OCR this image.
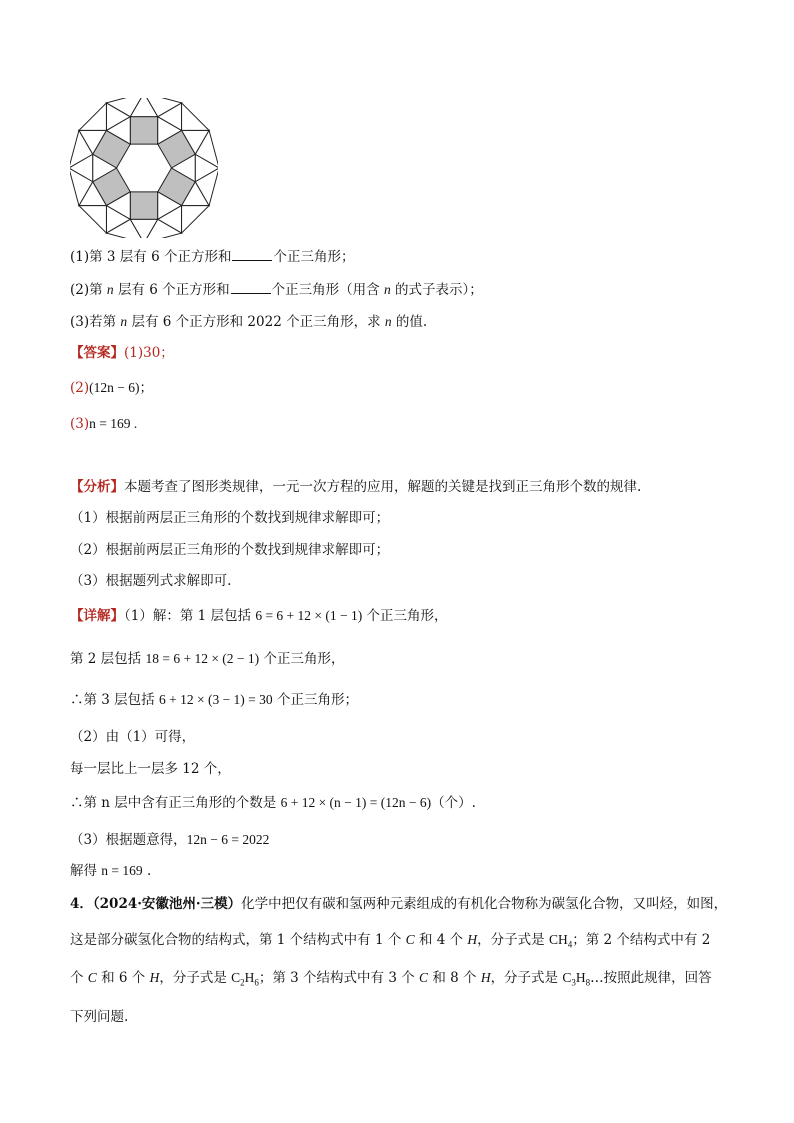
(1)第 3 层有 6 个正方形和	个正三角形；
(2)第 n 层有 6 个正方形和	个正三角形（用含 n 的式子表示）；
(3)若第 n 层有 6 个正方形和 2022 个正三角形，求 n 的值.
【答案】(1)30；
(2)(12n − 6)；
(3)n = 169 .
【分析】本题考查了图形类规律，一元一次方程的应用，解题的关键是找到正三角形个数的规律.
（1）根据前两层正三角形的个数找到规律求解即可；
（2）根据前两层正三角形的个数找到规律求解即可；
（3）根据题列式求解即可.
【详解】（1）解：第 1 层包括 6 = 6 + 12 × (1 − 1) 个正三角形，
第 2 层包括 18 = 6 + 12 × (2 − 1) 个正三角形，
∴第 3 层包括 6 + 12 × (3 − 1) = 30 个正三角形；
（2）由（1）可得，
每一层比上一层多 12 个，
∴第 n 层中含有正三角形的个数是 6 + 12 × (n − 1) = (12n − 6)（个）.
（3）根据题意得，12n − 6 = 2022
解得 n = 169 .
4．（2024·安徽池州·三模）化学中把仅有碳和氢两种元素组成的有机化合物称为碳氢化合物，又叫烃，如图，
这是部分碳氢化合物的结构式，第 1 个结构式中有 1 个 C 和 4 个 H，分子式是 $CH_4$；第 2 个结构式中有 2
个 C 和 6 个 H，分子式是 $C_2H_6$；第 3 个结构式中有 3 个 C 和 8 个 H，分子式是 $C_3H_8\dots$按照此规律，回答
下列问题.
